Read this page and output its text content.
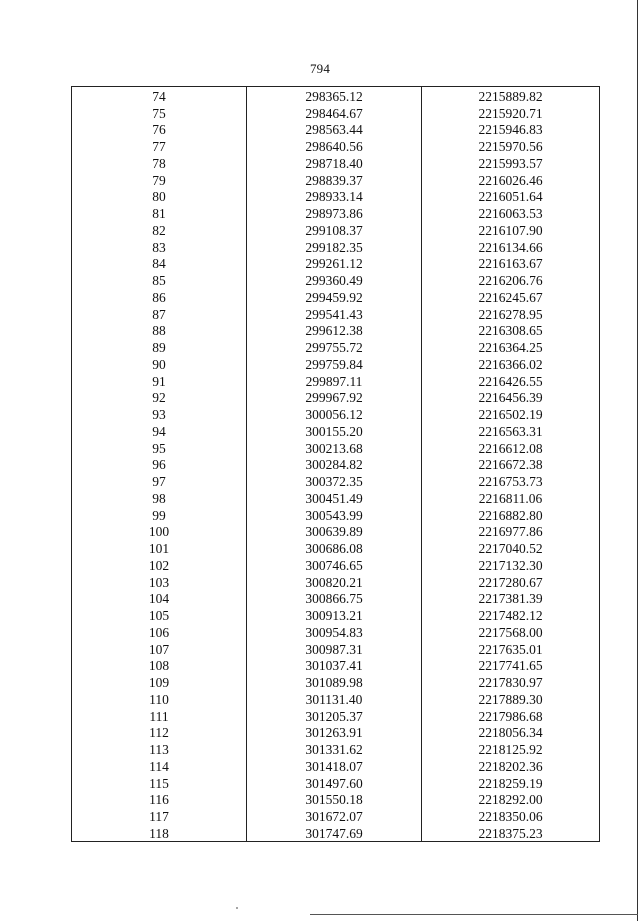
794
74	298365.12	2215889.82
75	298464.67	2215920.71
76	298563.44	2215946.83
77	298640.56	2215970.56
78	298718.40	2215993.57
79	298839.37	2216026.46
80	298933.14	2216051.64
81	298973.86	2216063.53
82	299108.37	2216107.90
83	299182.35	2216134.66
84	299261.12	2216163.67
85	299360.49	2216206.76
86	299459.92	2216245.67
87	299541.43	2216278.95
88	299612.38	2216308.65
89	299755.72	2216364.25
90	299759.84	2216366.02
91	299897.11	2216426.55
92	299967.92	2216456.39
93	300056.12	2216502.19
94	300155.20	2216563.31
95	300213.68	2216612.08
96	300284.82	2216672.38
97	300372.35	2216753.73
98	300451.49	2216811.06
99	300543.99	2216882.80
100	300639.89	2216977.86
101	300686.08	2217040.52
102	300746.65	2217132.30
103	300820.21	2217280.67
104	300866.75	2217381.39
105	300913.21	2217482.12
106	300954.83	2217568.00
107	300987.31	2217635.01
108	301037.41	2217741.65
109	301089.98	2217830.97
110	301131.40	2217889.30
111	301205.37	2217986.68
112	301263.91	2218056.34
113	301331.62	2218125.92
114	301418.07	2218202.36
115	301497.60	2218259.19
116	301550.18	2218292.00
117	301672.07	2218350.06
118	301747.69	2218375.23
